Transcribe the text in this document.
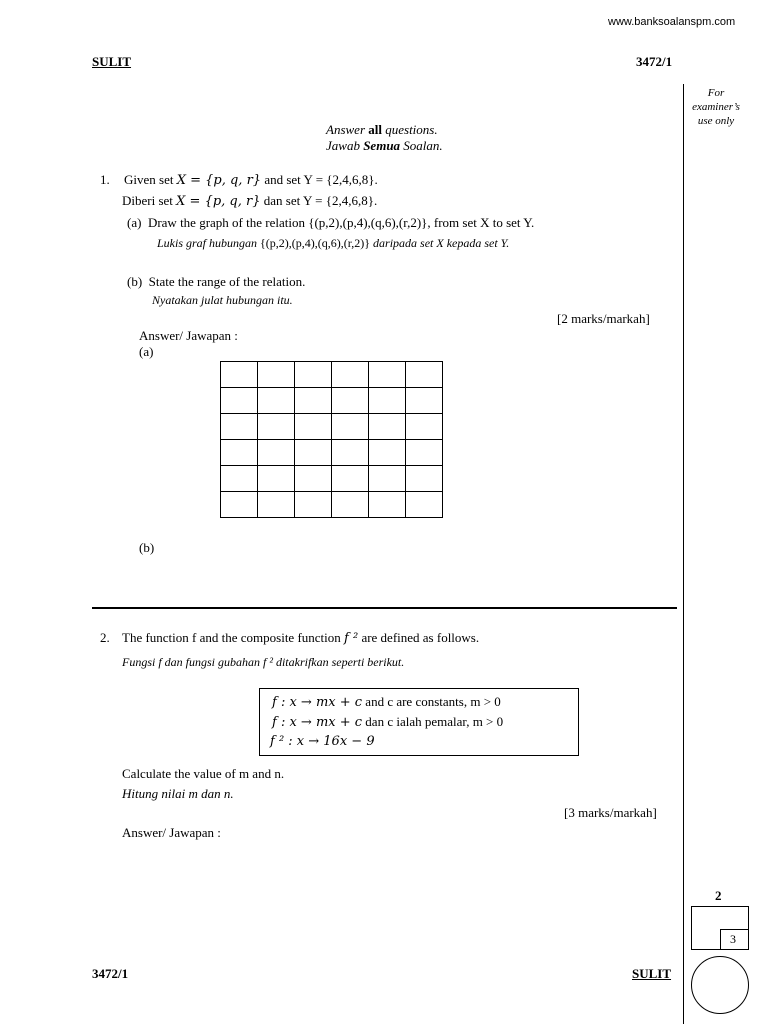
www.banksoalanspm.com
SULIT	3472/1
For
examiner’s
use only
Answer all questions.
Jawab Semua Soalan.
1. Given set X = {p, q, r} and set Y = {2,4,6,8}.
Diberi set X = {p, q, r} dan set Y = {2,4,6,8}.
(a) Draw the graph of the relation {(p,2),(p,4),(q,6),(r,2)}, from set X to set Y.
Lukis graf hubungan {(p,2),(p,4),(q,6),(r,2)} daripada set X kepada set Y.
(b) State the range of the relation.
Nyatakan julat hubungan itu.
[2 marks/markah]
Answer/ Jawapan :
(a)

(b)
2. The function f and the composite function f ² are defined as follows.
Fungsi f dan fungsi gubahan f ² ditakrifkan seperti berikut.
f : x → mx + c and c are constants, m > 0
f : x → mx + c dan c ialah pemalar, m > 0
f ² : x → 16x − 9
Calculate the value of m and n.
Hitung nilai m dan n.
[3 marks/markah]
Answer/ Jawapan :
2
3
3472/1	SULIT
